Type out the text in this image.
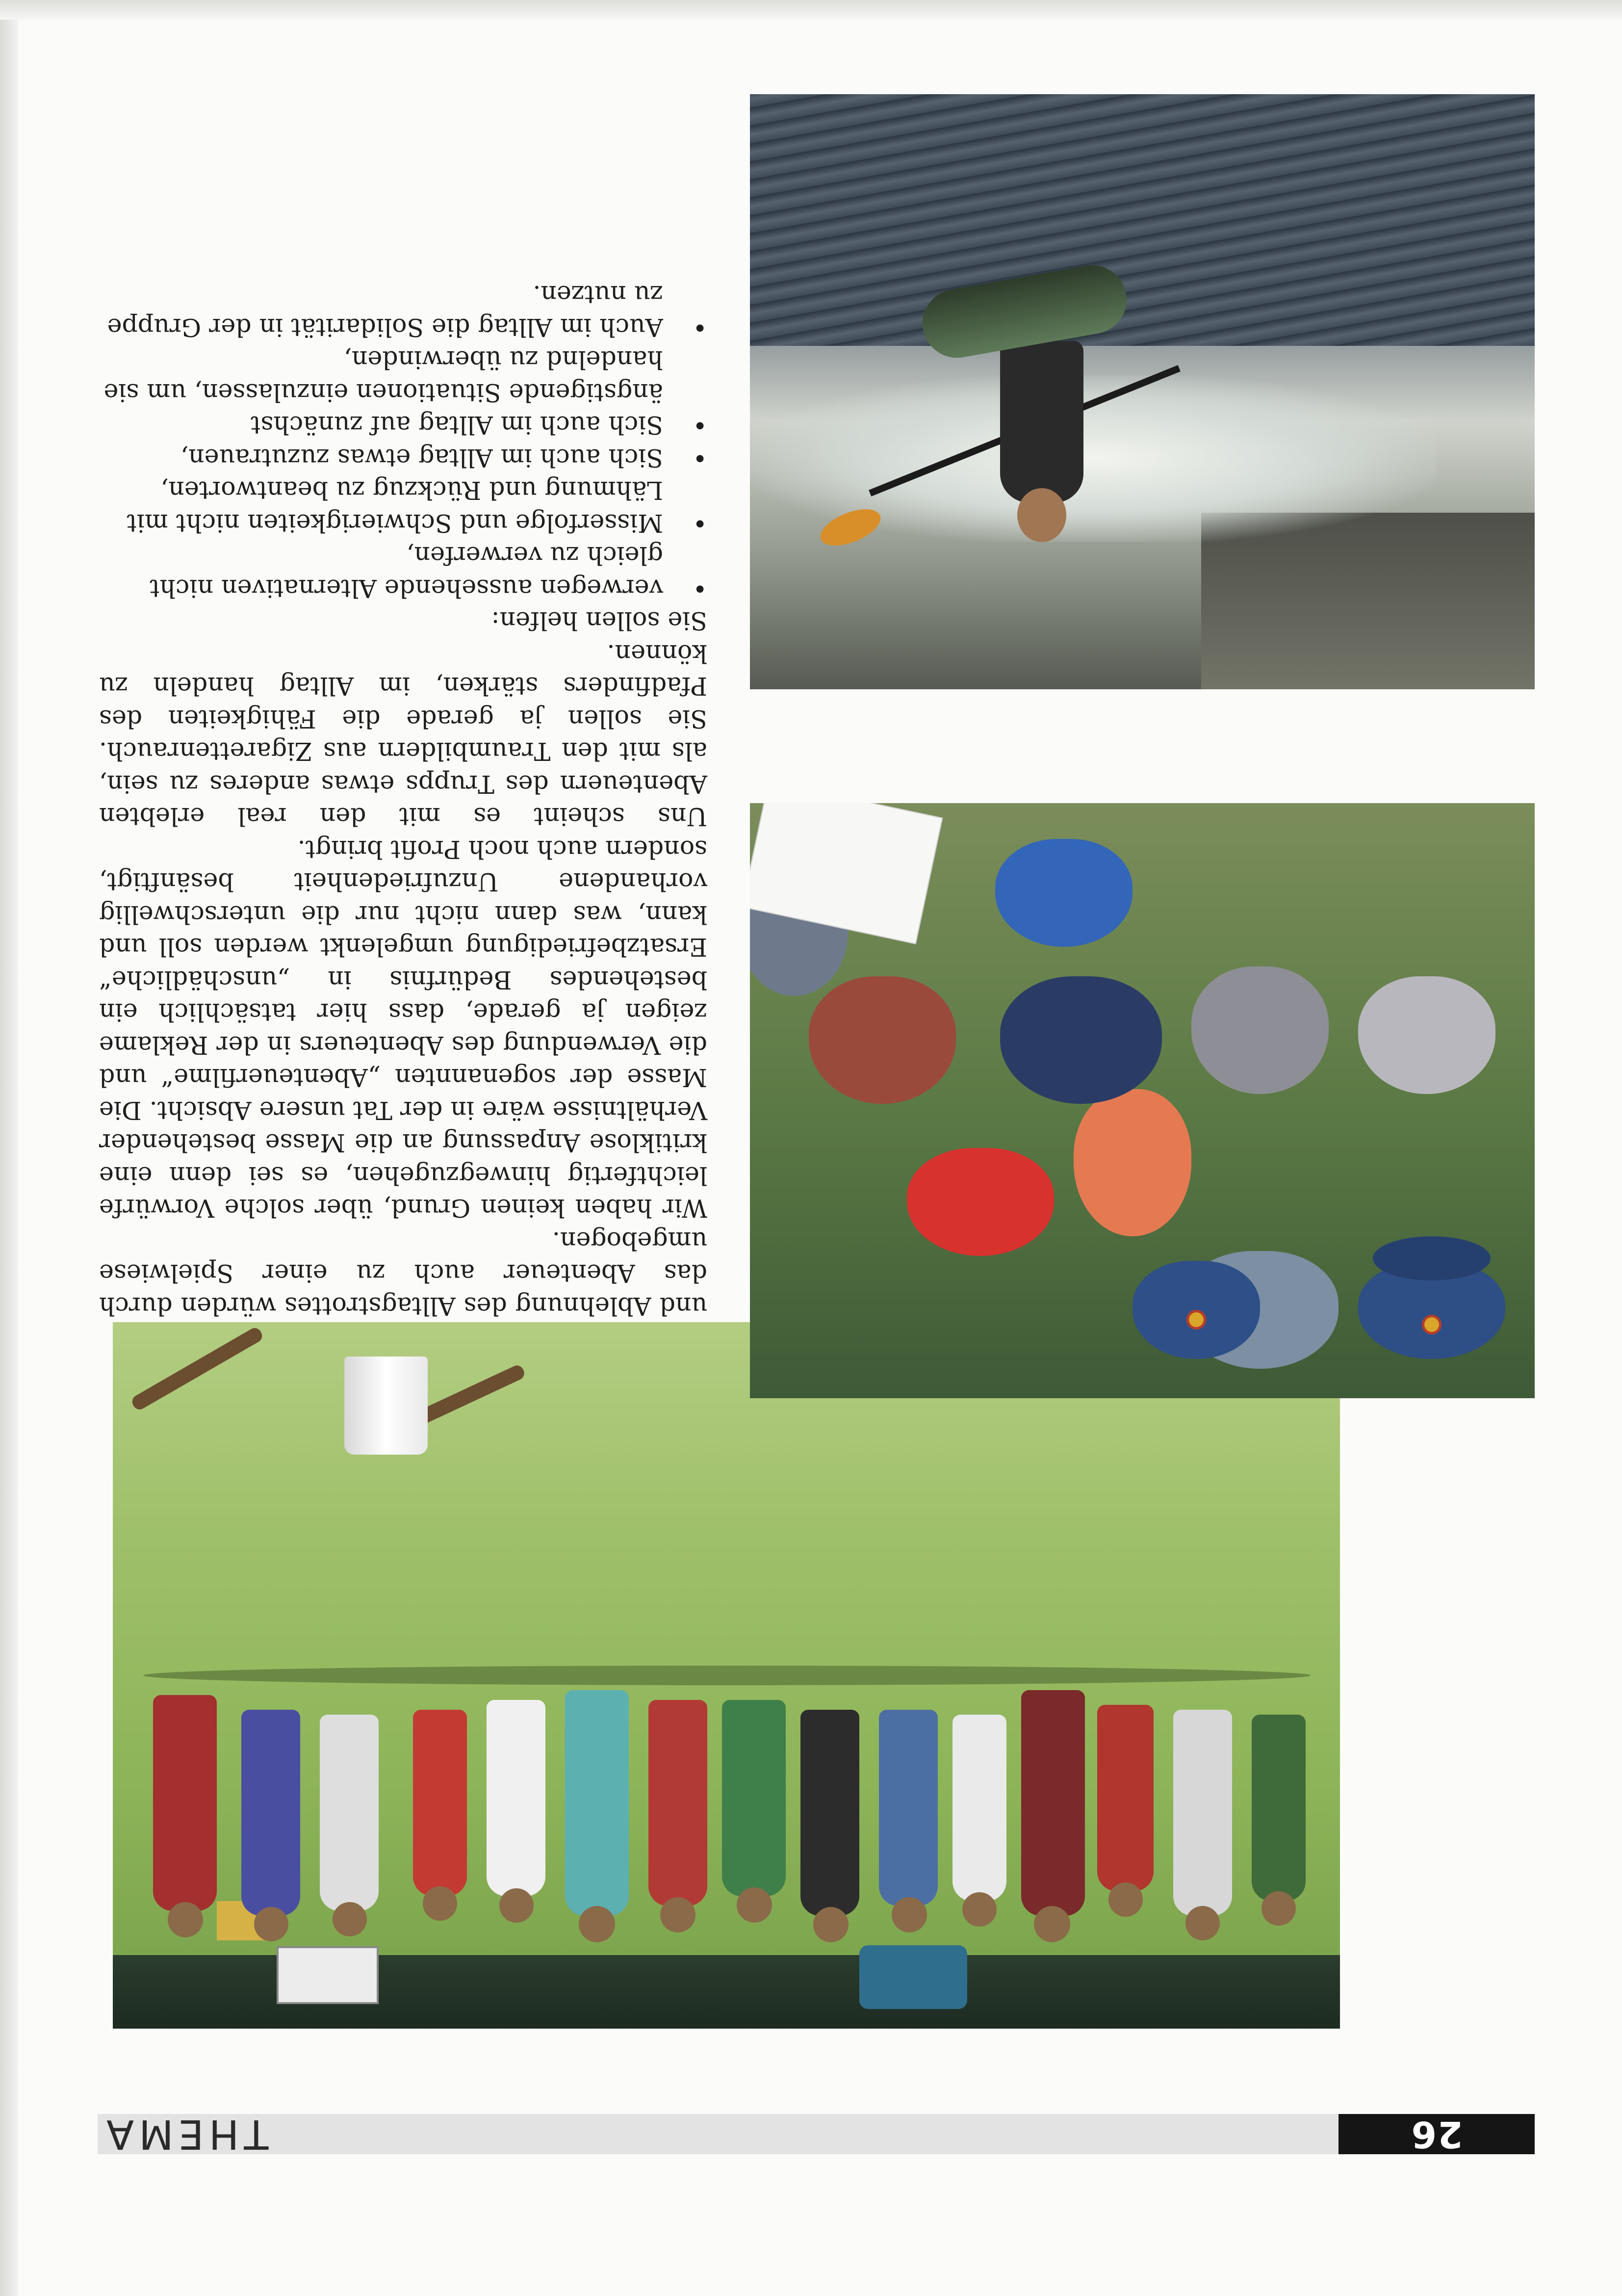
26
THEMA

und Ablehnung des Alltagstrottes würden durch das Abenteuer auch zu einer Spielwiese umgebogen.

Wir haben keinen Grund, über solche Vorwürfe leichtfertig hinwegzugehen, es sei denn eine kritiklose Anpassung an die Masse bestehender Verhältnisse wäre in der Tat unsere Absicht. Die Masse der sogenannten „Abenteuerfilme“ und die Verwendung des Abenteuers in der Reklame zeigen ja gerade, dass hier tatsächlich ein bestehendes Bedürfnis in „unschädliche“ Ersatzbefriedigung umgelenkt werden soll und kann, was dann nicht nur die unterschwellig vorhandene Unzufriedenheit besänftigt, sondern auch noch Profit bringt.

Uns scheint es mit den real erlebten Abenteuern des Trupps etwas anderes zu sein, als mit den Traumbildern aus Zigarettenrauch. Sie sollen ja gerade die Fähigkeiten des Pfadfinders stärken, im Alltag handeln zu können.

Sie sollen helfen:

• verwegen aussehende Alternativen nicht gleich zu verwerfen,
• Misserfolge und Schwierigkeiten nicht mit Lähmung und Rückzug zu beantworten,
• Sich auch im Alltag etwas zuzutrauen,
• Sich auch im Alltag auf zunächst ängstigende Situationen einzulassen, um sie handelnd zu überwinden,
• Auch im Alltag die Solidarität in der Gruppe zu nutzen.
